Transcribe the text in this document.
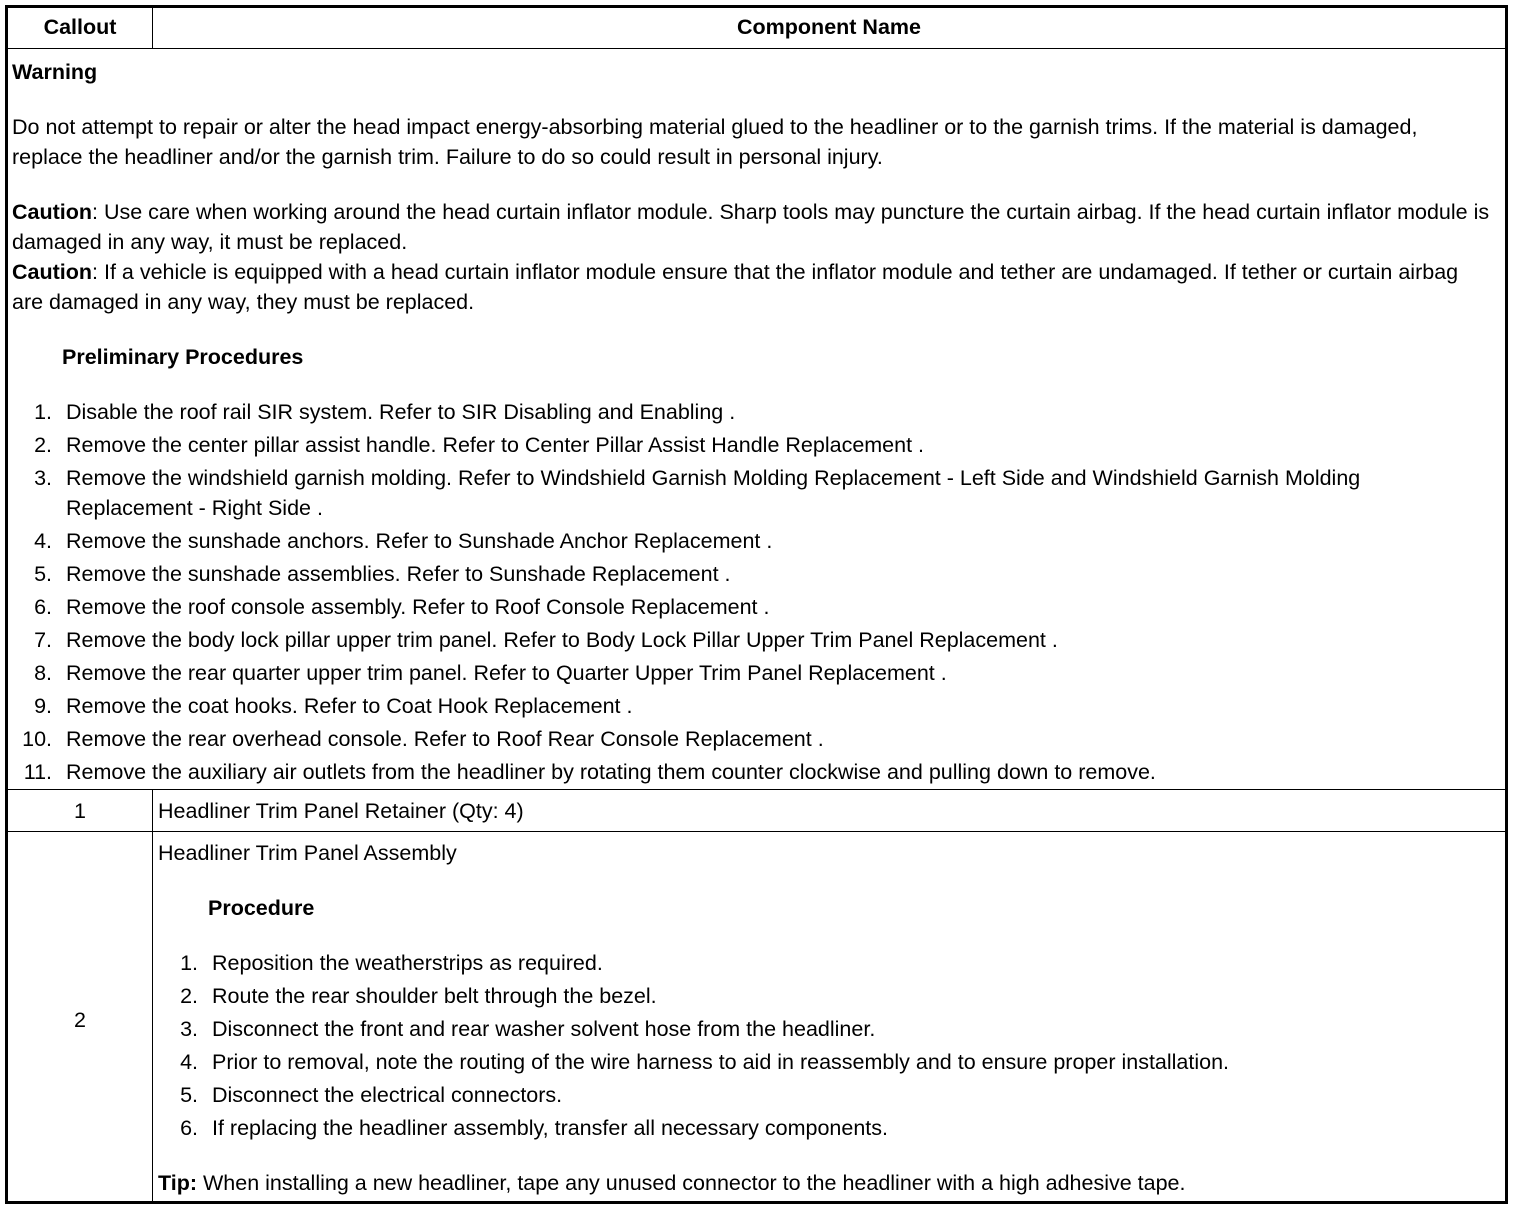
Callout	Component Name

Warning

Do not attempt to repair or alter the head impact energy-absorbing material glued to the headliner or to the garnish trims. If the material is damaged, replace the headliner and/or the garnish trim. Failure to do so could result in personal injury.

Caution: Use care when working around the head curtain inflator module. Sharp tools may puncture the curtain airbag. If the head curtain inflator module is damaged in any way, it must be replaced.

Caution: If a vehicle is equipped with a head curtain inflator module ensure that the inflator module and tether are undamaged. If tether or curtain airbag are damaged in any way, they must be replaced.

Preliminary Procedures

1. Disable the roof rail SIR system. Refer to SIR Disabling and Enabling .
2. Remove the center pillar assist handle. Refer to Center Pillar Assist Handle Replacement .
3. Remove the windshield garnish molding. Refer to Windshield Garnish Molding Replacement - Left Side and Windshield Garnish Molding Replacement - Right Side .
4. Remove the sunshade anchors. Refer to Sunshade Anchor Replacement .
5. Remove the sunshade assemblies. Refer to Sunshade Replacement .
6. Remove the roof console assembly. Refer to Roof Console Replacement .
7. Remove the body lock pillar upper trim panel. Refer to Body Lock Pillar Upper Trim Panel Replacement .
8. Remove the rear quarter upper trim panel. Refer to Quarter Upper Trim Panel Replacement .
9. Remove the coat hooks. Refer to Coat Hook Replacement .
10. Remove the rear overhead console. Refer to Roof Rear Console Replacement .
11. Remove the auxiliary air outlets from the headliner by rotating them counter clockwise and pulling down to remove.
1	Headliner Trim Panel Retainer (Qty: 4)
2

Headliner Trim Panel Assembly

Procedure

1. Reposition the weatherstrips as required.
2. Route the rear shoulder belt through the bezel.
3. Disconnect the front and rear washer solvent hose from the headliner.
4. Prior to removal, note the routing of the wire harness to aid in reassembly and to ensure proper installation.
5. Disconnect the electrical connectors.
6. If replacing the headliner assembly, transfer all necessary components.

Tip: When installing a new headliner, tape any unused connector to the headliner with a high adhesive tape.
